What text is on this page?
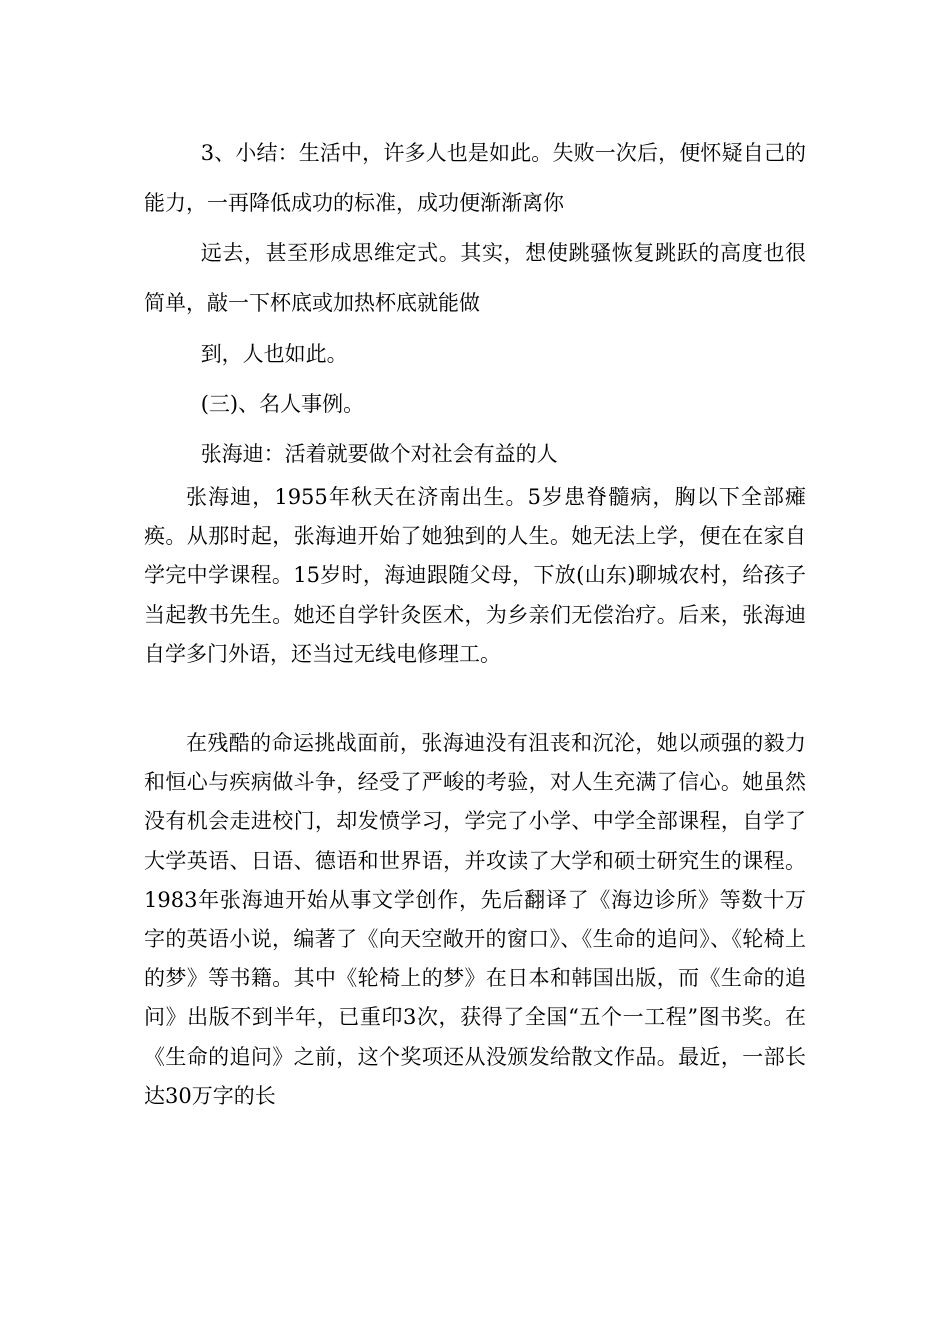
3、小结：生活中，许多人也是如此。失败一次后，便怀疑自己的能力，一再降低成功的标准，成功便渐渐离你

远去，甚至形成思维定式。其实，想使跳骚恢复跳跃的高度也很简单，敲一下杯底或加热杯底就能做

到，人也如此。

(三)、名人事例。

张海迪：活着就要做个对社会有益的人

张海迪，1955年秋天在济南出生。5岁患脊髓病，胸以下全部瘫痪。从那时起，张海迪开始了她独到的人生。她无法上学，便在在家自学完中学课程。15岁时，海迪跟随父母，下放(山东)聊城农村，给孩子当起教书先生。她还自学针灸医术，为乡亲们无偿治疗。后来，张海迪自学多门外语，还当过无线电修理工。

在残酷的命运挑战面前，张海迪没有沮丧和沉沦，她以顽强的毅力和恒心与疾病做斗争，经受了严峻的考验，对人生充满了信心。她虽然没有机会走进校门，却发愤学习，学完了小学、中学全部课程，自学了大学英语、日语、德语和世界语，并攻读了大学和硕士研究生的课程。1983年张海迪开始从事文学创作，先后翻译了《海边诊所》等数十万字的英语小说，编著了《向天空敞开的窗口》、《生命的追问》、《轮椅上的梦》等书籍。其中《轮椅上的梦》在日本和韩国出版，而《生命的追问》出版不到半年，已重印3次，获得了全国“五个一工程”图书奖。在《生命的追问》之前，这个奖项还从没颁发给散文作品。最近，一部长达30万字的长
